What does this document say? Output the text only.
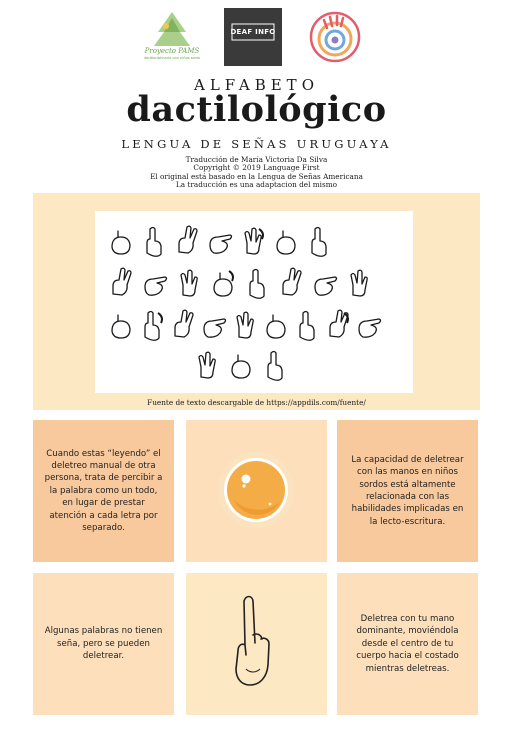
Proyecto PAMS
Interdisciplinario con niños sordos
DEAF INFO
ALFABETO
dactilológico
LENGUA DE SEÑAS URUGUAYA
Traducción de María Victoria Da Silva
Copyright © 2019 Language First
El original está basado en la Lengua de Señas Americana
La traducción es una adaptacion del mismo
Fuente de texto descargable de https://appdils.com/fuente/

Cuando estas “leyendo” el deletreo manual de otra persona, trata de percibir a la palabra como un todo, en lugar de prestar atención a cada letra por separado.

La capacidad de deletrear con las manos en niños sordos está altamente relacionada con las habilidades implicadas en la lecto-escritura.

Algunas palabras no tienen seña, pero se pueden deletrear.

Deletrea con tu mano dominante, moviéndola desde el centro de tu cuerpo hacia el costado mientras deletreas.
